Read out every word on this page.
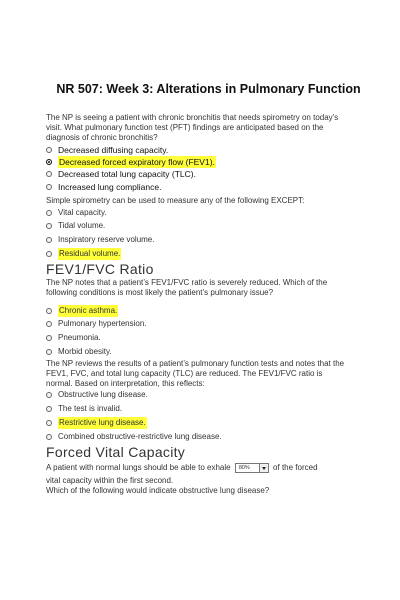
NR 507: Week 3: Alterations in Pulmonary Function
The NP is seeing a patient with chronic bronchitis that needs spirometry on today’s visit. What pulmonary function test (PFT) findings are anticipated based on the diagnosis of chronic bronchitis?
Decreased diffusing capacity.
Decreased forced expiratory flow (FEV1).
Decreased total lung capacity (TLC).
Increased lung compliance.
Simple spirometry can be used to measure any of the following EXCEPT:
Vital capacity.
Tidal volume.
Inspiratory reserve volume.
Residual volume.
FEV1/FVC Ratio
The NP notes that a patient’s FEV1/FVC ratio is severely reduced. Which of the following conditions is most likely the patient’s pulmonary issue?
Chronic asthma.
Pulmonary hypertension.
Pneumonia.
Morbid obesity.
The NP reviews the results of a patient’s pulmonary function tests and notes that the FEV1, FVC, and total lung capacity (TLC) are reduced. The FEV1/FVC ratio is normal. Based on interpretation, this reflects:
Obstructive lung disease.
The test is invalid.
Restrictive lung disease.
Combined obstructive-restrictive lung disease.
Forced Vital Capacity
A patient with normal lungs should be able to exhale	80%	of the forced
vital capacity within the first second.
Which of the following would indicate obstructive lung disease?
